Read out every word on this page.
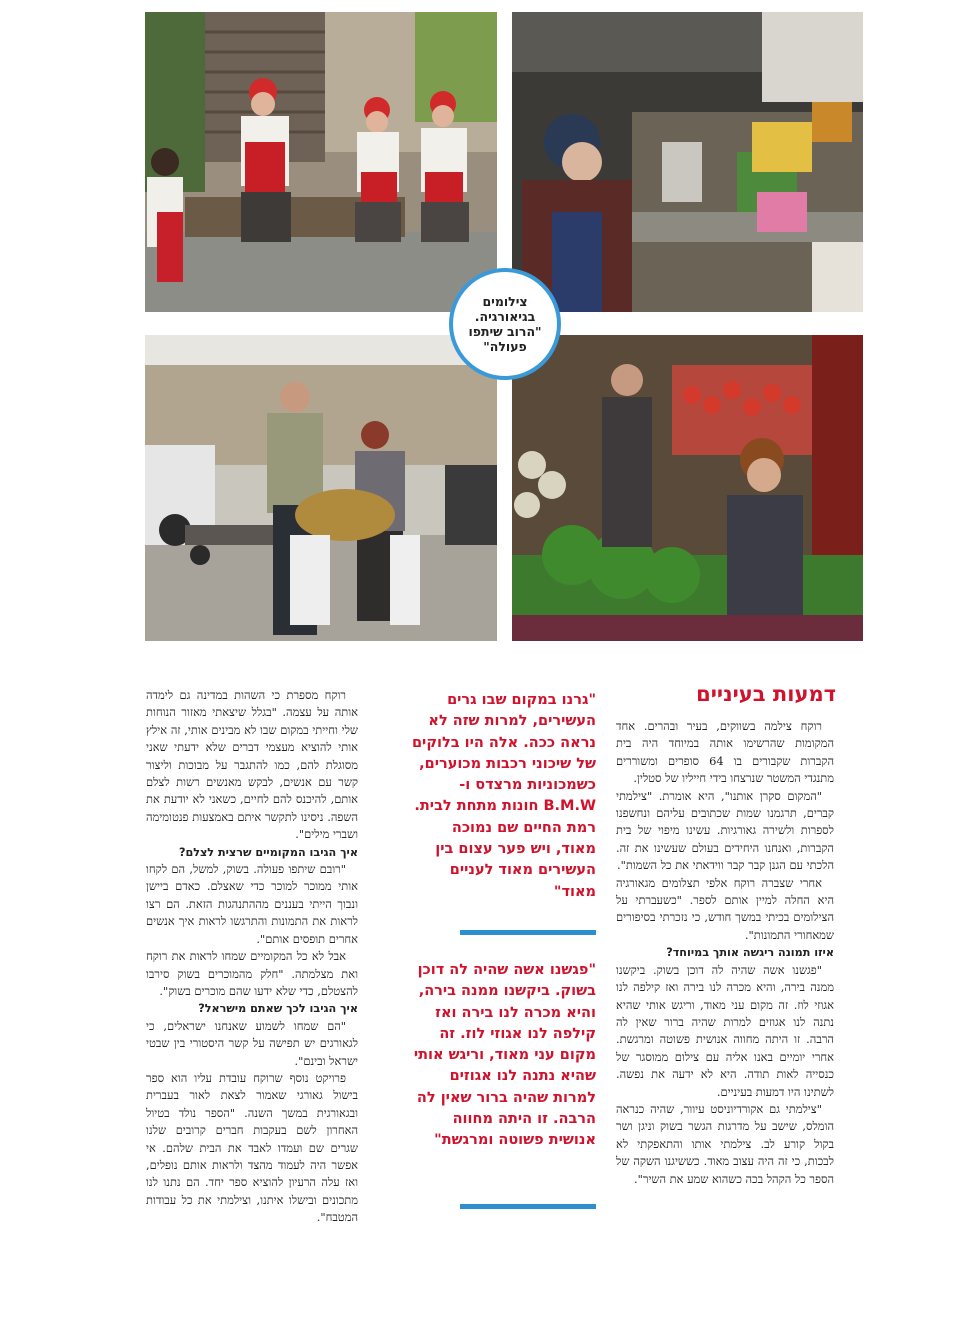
צילומים בגיאורגיה. "הרוב שיתפו פעולה"
דמעות בעיניים

רוקח צילמה בשווקים, בעיר ובהרים. אחד המקומות שהרשימו אותה במיוחד היה בית הקברות שקבורים בו 64 סופרים ומשוררים מתנגדי המשטר שנרצחו בידי חייליו של סטלין.

"המקום סקרן אותנו", היא אומרת. "צילמתי קברים, תרגמנו שמות שכתובים עליהם ונחשפנו לספרות ולשירה גאורגיות. עשינו מיפוי של בית הקברות, ואנחנו היחידים בעולם שעשינו את זה. הלכתי עם הגנן קבר קבר ווידאתי את כל השמות".

אחרי שצברה רוקח אלפי תצלומים מגאורגיה היא החלה למיין אותם לספר. "כשעברתי על הצילומים בכיתי במשך חודש, כי נזכרתי בסיפורים שמאחורי התמונות".

איזו תמונה ריגשה אותך במיוחד?

"פגשנו אשה שהיה לה דוכן בשוק. ביקשנו ממנה בירה, והיא מכרה לנו בירה ואז קילפה לנו אגוזי לוז. זה מקום עני מאוד, וריגש אותי שהיא נתנה לנו אגוזים למרות שהיה ברור שאין לה הרבה. זו היתה מחווה אנושית פשוטה ומרגשת. אחרי יומיים באנו אליה עם צילום ממוסגר של כנסייה לאות תודה. היא לא ידעה את נפשה. לשתינו היו דמעות בעיניים.

"צילמתי גם אקורדיוניסט עיוור, שהיה כנראה הומלס, שישב על מדרגות הגשר בשוק וניגן ושר בקול קורע לב. צילמתי אותו והתאפקתי לא לבכות, כי זה היה עצוב מאוד. כששיגנו השקה של הספר כל הקהל בכה כשהוא שמע את השיר".

רוקח מספרת כי השהות במדינה גם לימדה אותה על עצמה. "בגלל שיצאתי מאזור הנוחות שלי וחייתי במקום שבו לא מבינים אותי, זה אילץ אותי להוציא מעצמי דברים שלא ידעתי שאני מסוגלת להם, כמו להתגבר על מבוכות וליצור קשר עם אנשים, לבקש מאנשים רשות לצלם אותם, להיכנס להם לחיים, כשאני לא יודעת את השפה. ניסינו לתקשר איתם באמצעות פנטומימה ושברי מילים".

איך הגיבו המקומיים שרצית לצלם?

"רובם שיתפו פעולה. בשוק, למשל, הם לקחו אותי ממוכר למוכר כדי שאצלם. כאדם ביישן ונבוך הייתי בעננים מההתנהגות הזאת. הם רצו לראות את התמונות והתרגשו לראות איך אנשים אחרים תופסים אותם".

אבל לא כל המקומיים שמחו לראות את רוקח ואת מצלמתה. "חלק מהמוכרים בשוק סירבו להצטלם, כדי שלא ידעו שהם מוכרים בשוק".

איך הגיבו לכך שאתם מישראל?

"הם שמחו לשמוע שאנחנו ישראלים, כי לגאורגים יש תפישה על קשר היסטורי בין שבטי ישראל ובינם".

פרויקט נוסף שרוקח עובדת עליו הוא ספר בישול גאורגי שאמור לצאת לאור בעברית ובגאורגית במשך השנה. "הספר נולד בטיול האחרון לשם בעקבות חברים קרובים שלנו שגרים שם ועמדו לאבד את הבית שלהם. אי אפשר היה לעמוד מהצד ולראות אותם נופלים, ואז עלה הרעיון להוציא ספר יחד. הם נתנו לנו מתכונים ובישלו איתנו, וצילמתי את כל עבודות המטבח".

"גרנו במקום שבו גרים העשירים, למרות שזה לא נראה ככה. אלה היו בלוקים של שיכוני רכבות מכוערים, כשמכוניות מרצדס ו-B.M.W חונות מתחת לבית. רמת החיים שם נמוכה מאוד, ויש פער עצום בין העשירים מאוד לעניים מאוד"
"פגשנו אשה שהיה לה דוכן בשוק. ביקשנו ממנה בירה, והיא מכרה לנו בירה ואז קילפה לנו אגוזי לוז. זה מקום עני מאוד, וריגש אותי שהיא נתנה לנו אגוזים למרות שהיה ברור שאין לה הרבה. זו היתה מחווה אנושית פשוטה ומרגשת"
